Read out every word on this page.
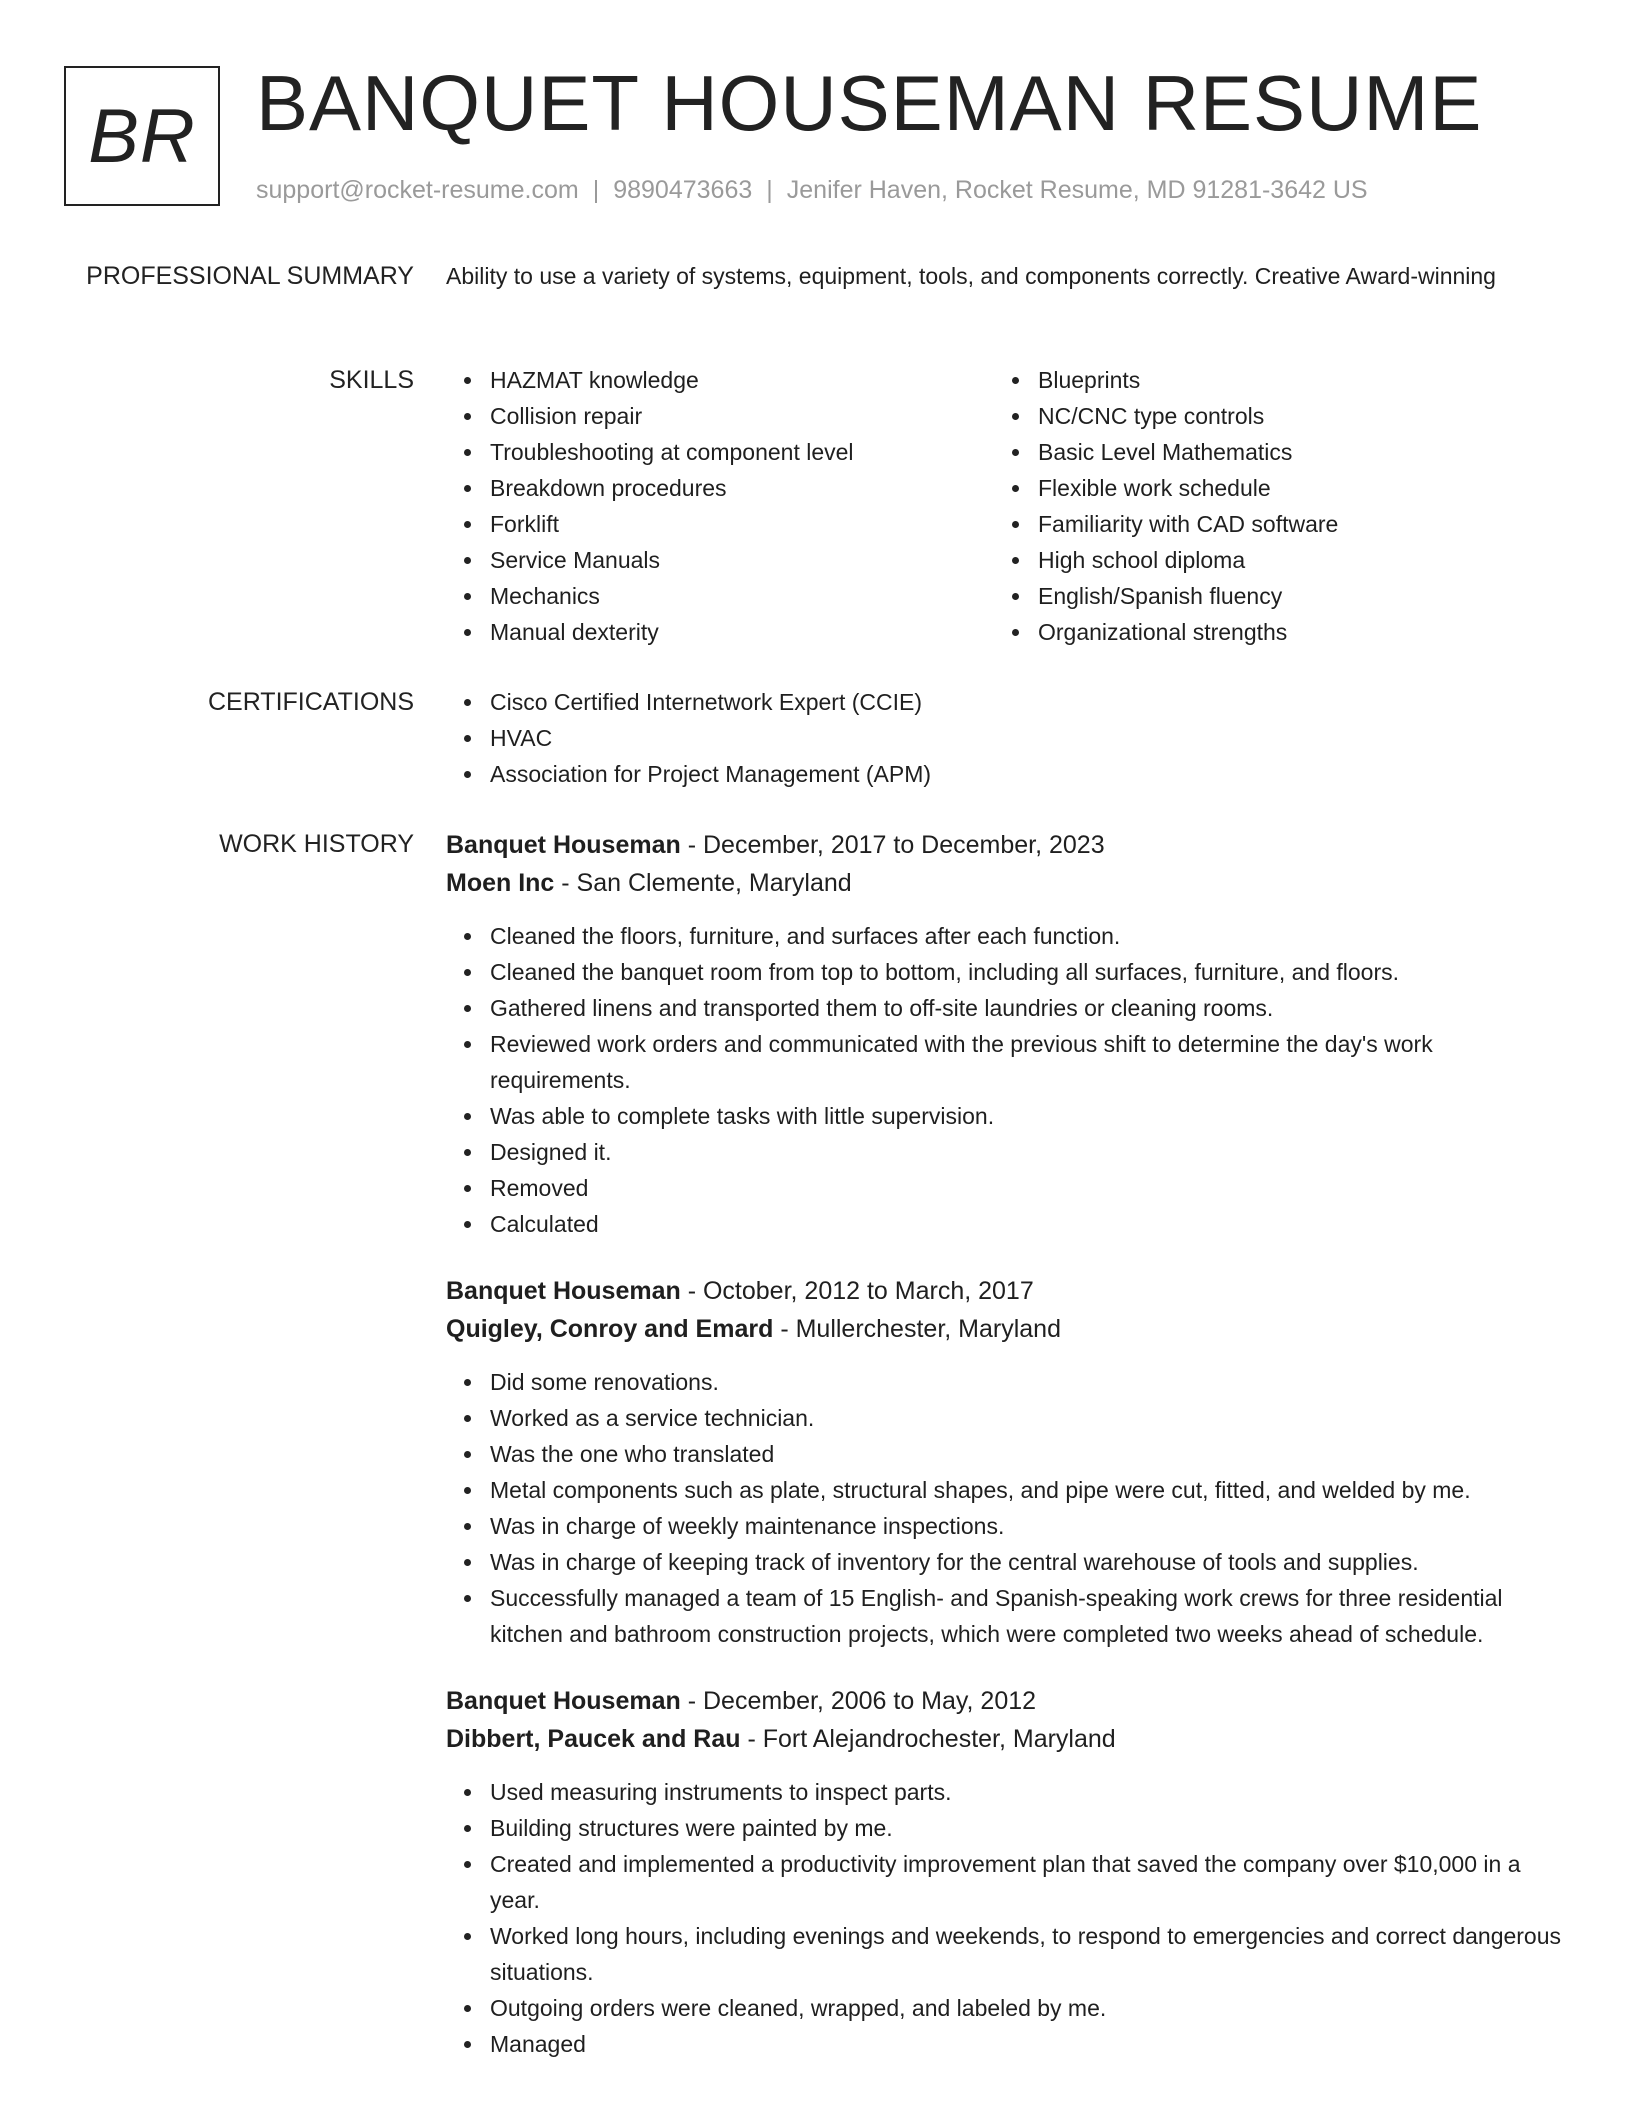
BR BANQUET HOUSEMAN RESUME
support@rocket-resume.com | 9890473663 | Jenifer Haven, Rocket Resume, MD 91281-3642 US
PROFESSIONAL SUMMARY Ability to use a variety of systems, equipment, tools, and components correctly. Creative Award-winning

SKILLS	HAZMAT knowledge
Collision repair
Troubleshooting at component level
Breakdown procedures
Forklift
Service Manuals
Mechanics
Manual dexterity
Blueprints
NC/CNC type controls
Basic Level Mathematics
Flexible work schedule
Familiarity with CAD software
High school diploma
English/Spanish fluency
Organizational strengths
CERTIFICATIONS	Cisco Certified Internetwork Expert (CCIE)
HVAC
Association for Project Management (APM)
WORK HISTORY Banquet Houseman - December, 2017 to December, 2023
Moen Inc - San Clemente, Maryland
Cleaned the floors, furniture, and surfaces after each function.
Cleaned the banquet room from top to bottom, including all surfaces, furniture, and floors.
Gathered linens and transported them to off-site laundries or cleaning rooms.
Reviewed work orders and communicated with the previous shift to determine the day's work requirements.
Was able to complete tasks with little supervision.
Designed it.
Removed
Calculated
Banquet Houseman - October, 2012 to March, 2017
Quigley, Conroy and Emard - Mullerchester, Maryland
Did some renovations.
Worked as a service technician.
Was the one who translated
Metal components such as plate, structural shapes, and pipe were cut, fitted, and welded by me.
Was in charge of weekly maintenance inspections.
Was in charge of keeping track of inventory for the central warehouse of tools and supplies.
Successfully managed a team of 15 English- and Spanish-speaking work crews for three residential kitchen and bathroom construction projects, which were completed two weeks ahead of schedule.
Banquet Houseman - December, 2006 to May, 2012
Dibbert, Paucek and Rau - Fort Alejandrochester, Maryland
Used measuring instruments to inspect parts.
Building structures were painted by me.
Created and implemented a productivity improvement plan that saved the company over $10,000 in a year.
Worked long hours, including evenings and weekends, to respond to emergencies and correct dangerous situations.
Outgoing orders were cleaned, wrapped, and labeled by me.
Managed
